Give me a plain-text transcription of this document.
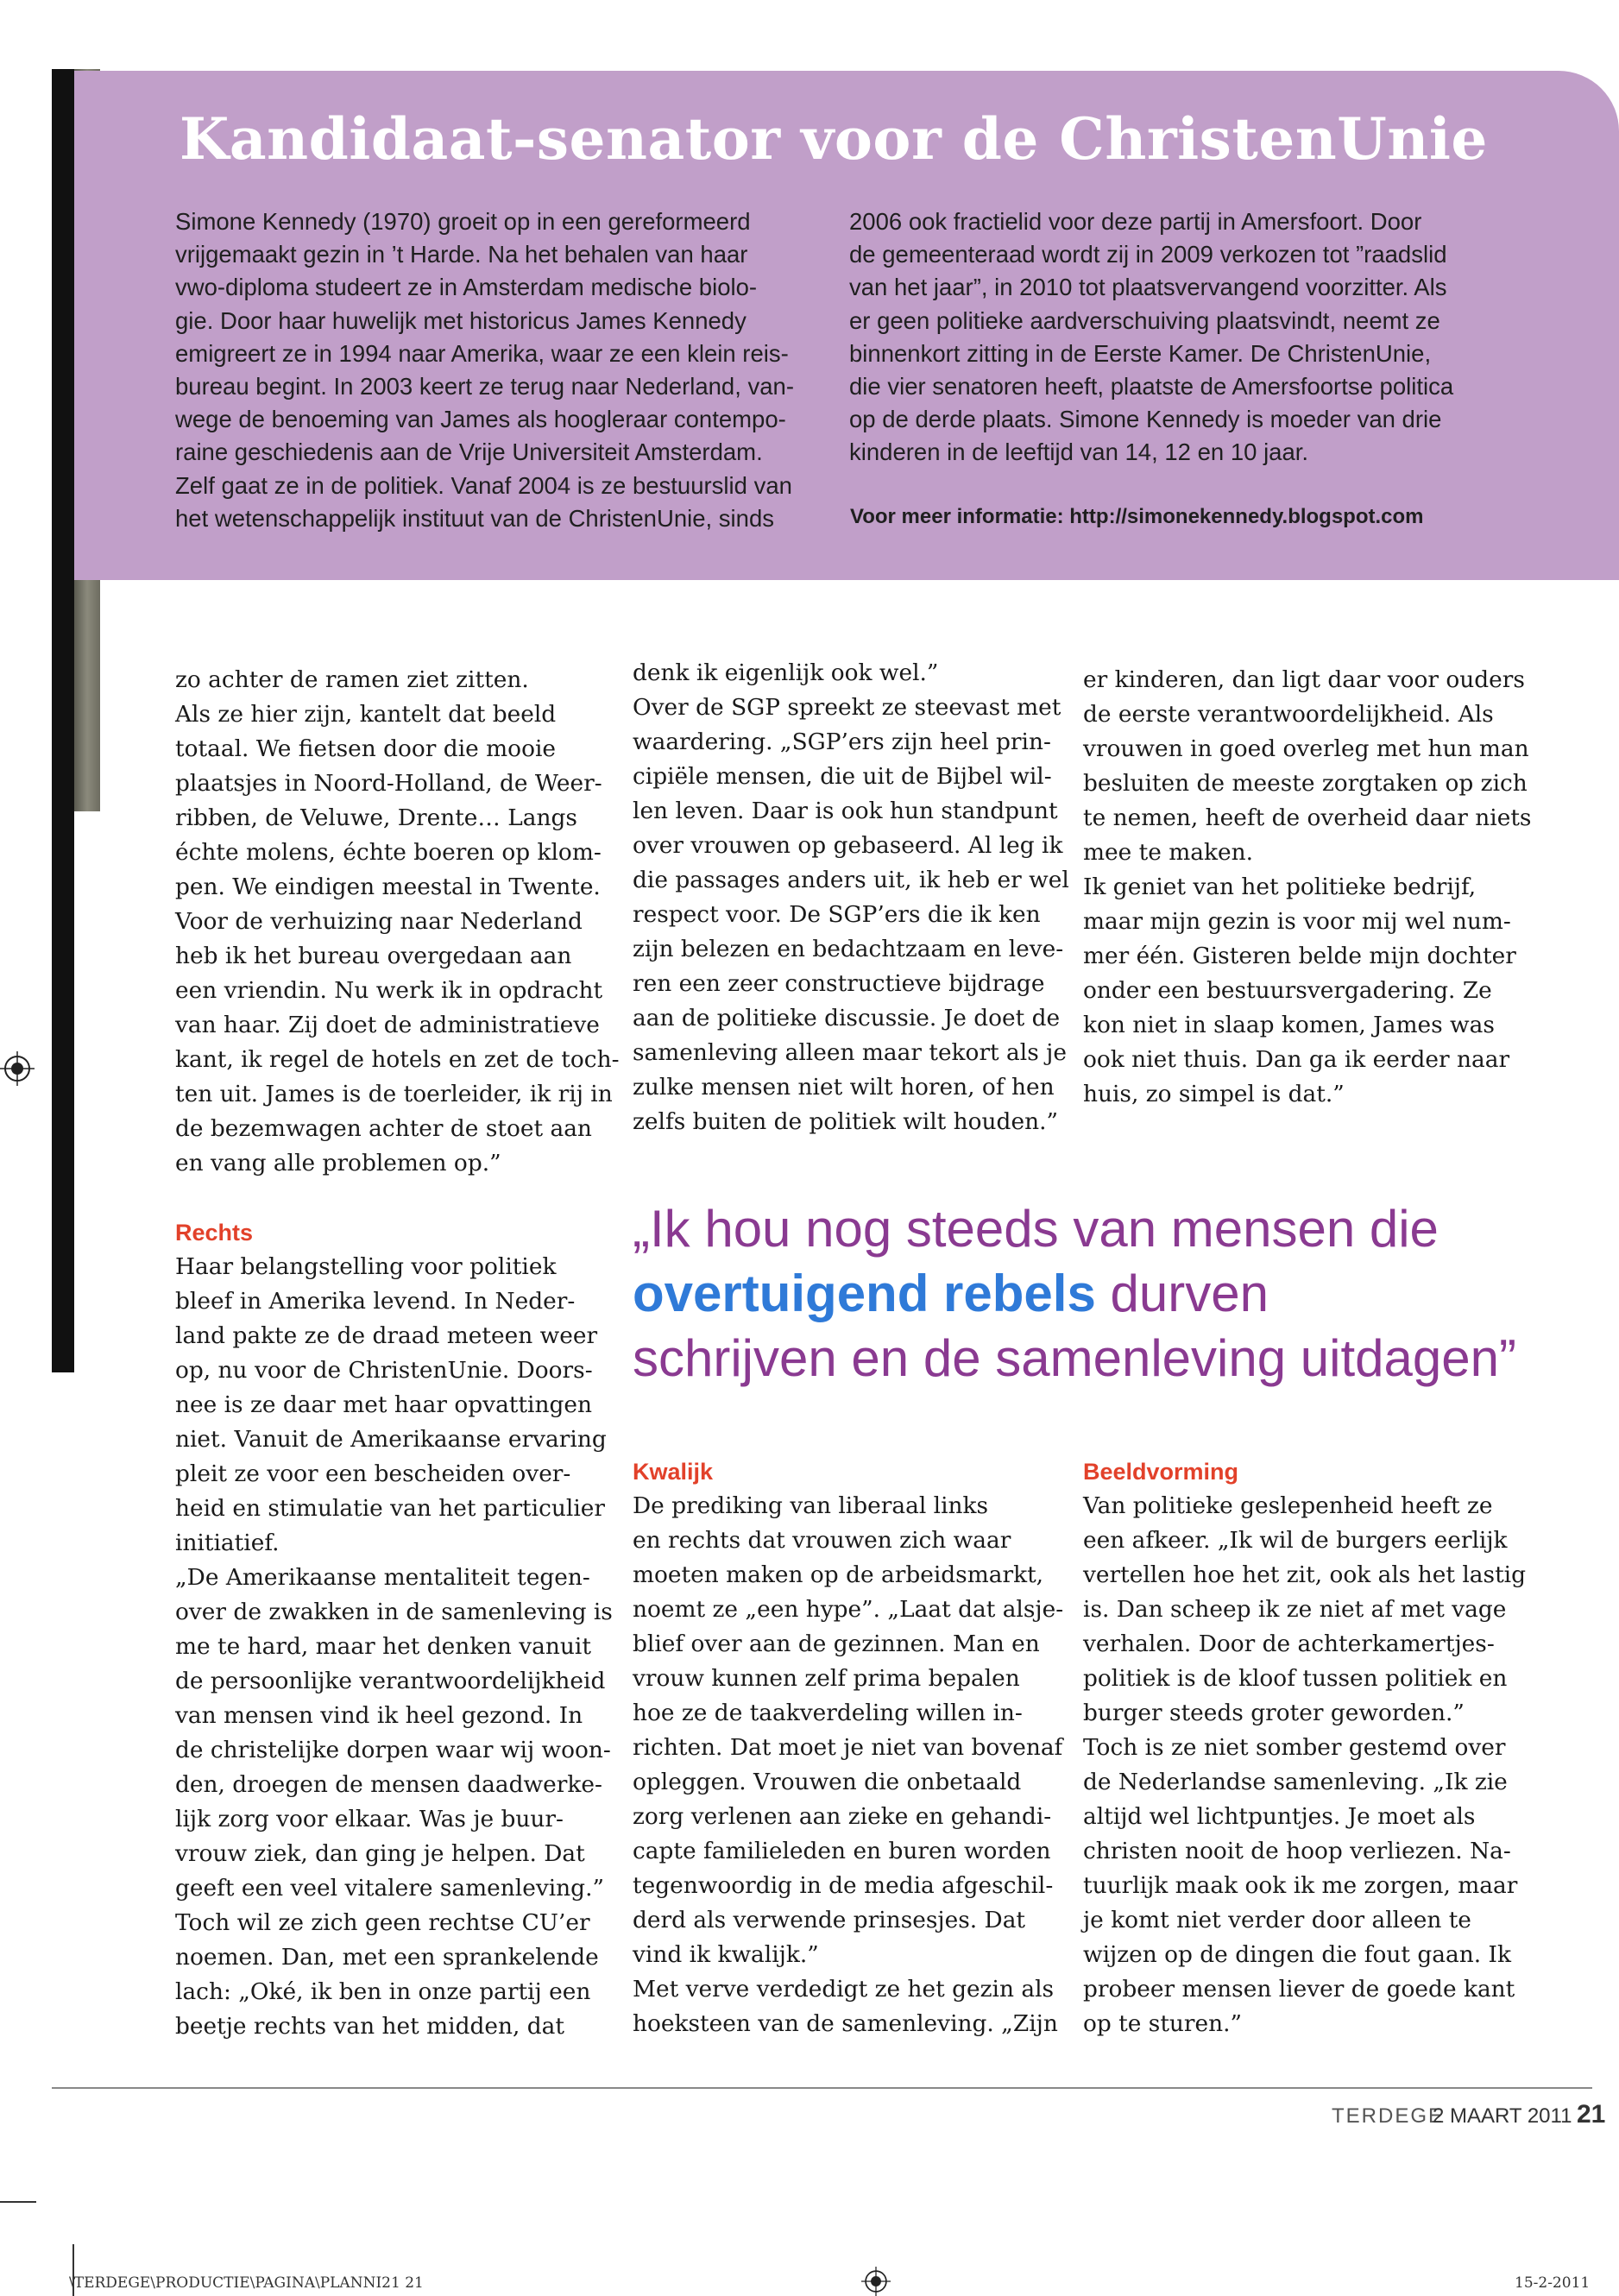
Kandidaat-senator voor de ChristenUnie

Simone Kennedy (1970) groeit op in een gereformeerd

vrijgemaakt gezin in ’t Harde. Na het behalen van haar

vwo-diploma studeert ze in Amsterdam medische biolo-

gie. Door haar huwelijk met historicus James Kennedy

emigreert ze in 1994 naar Amerika, waar ze een klein reis-

bureau begint. In 2003 keert ze terug naar Nederland, van-

wege de benoeming van James als hoogleraar contempo-

raine geschiedenis aan de Vrije Universiteit Amsterdam.

Zelf gaat ze in de politiek. Vanaf 2004 is ze bestuurslid van

het wetenschappelijk instituut van de ChristenUnie, sinds

2006 ook fractielid voor deze partij in Amersfoort. Door

de gemeenteraad wordt zij in 2009 verkozen tot ”raadslid

van het jaar”, in 2010 tot plaatsvervangend voorzitter. Als

er geen politieke aardverschuiving plaatsvindt, neemt ze

binnenkort zitting in de Eerste Kamer. De ChristenUnie,

die vier senatoren heeft, plaatste de Amersfoortse politica

op de derde plaats. Simone Kennedy is moeder van drie

kinderen in de leeftijd van 14, 12 en 10 jaar.

Voor meer informatie: http://simonekennedy.blogspot.com

zo achter de ramen ziet zitten.

Als ze hier zijn, kantelt dat beeld

totaal. We fietsen door die mooie

plaatsjes in Noord-Holland, de Weer-

ribben, de Veluwe, Drente… Langs

échte molens, échte boeren op klom-

pen. We eindigen meestal in Twente.

Voor de verhuizing naar Nederland

heb ik het bureau overgedaan aan

een vriendin. Nu werk ik in opdracht

van haar. Zij doet de administratieve

kant, ik regel de hotels en zet de toch-

ten uit. James is de toerleider, ik rij in

de bezemwagen achter de stoet aan

en vang alle problemen op.”

Rechts

Haar belangstelling voor politiek

bleef in Amerika levend. In Neder-

land pakte ze de draad meteen weer

op, nu voor de ChristenUnie. Doors-

nee is ze daar met haar opvattingen

niet. Vanuit de Amerikaanse ervaring

pleit ze voor een bescheiden over-

heid en stimulatie van het particulier

initiatief.

„De Amerikaanse mentaliteit tegen-

over de zwakken in de samenleving is

me te hard, maar het denken vanuit

de persoonlijke verantwoordelijkheid

van mensen vind ik heel gezond. In

de christelijke dorpen waar wij woon-

den, droegen de mensen daadwerke-

lijk zorg voor elkaar. Was je buur-

vrouw ziek, dan ging je helpen. Dat

geeft een veel vitalere samenleving.”

Toch wil ze zich geen rechtse CU’er

noemen. Dan, met een sprankelende

lach: „Oké, ik ben in onze partij een

beetje rechts van het midden, dat

denk ik eigenlijk ook wel.”

Over de SGP spreekt ze steevast met

waardering. „SGP’ers zijn heel prin-

cipiële mensen, die uit de Bijbel wil-

len leven. Daar is ook hun standpunt

over vrouwen op gebaseerd. Al leg ik

die passages anders uit, ik heb er wel

respect voor. De SGP’ers die ik ken

zijn belezen en bedachtzaam en leve-

ren een zeer constructieve bijdrage

aan de politieke discussie. Je doet de

samenleving alleen maar tekort als je

zulke mensen niet wilt horen, of hen

zelfs buiten de politiek wilt houden.”

er kinderen, dan ligt daar voor ouders

de eerste verantwoordelijkheid. Als

vrouwen in goed overleg met hun man

besluiten de meeste zorgtaken op zich

te nemen, heeft de overheid daar niets

mee te maken.

Ik geniet van het politieke bedrijf,

maar mijn gezin is voor mij wel num-

mer één. Gisteren belde mijn dochter

onder een bestuursvergadering. Ze

kon niet in slaap komen, James was

ook niet thuis. Dan ga ik eerder naar

huis, zo simpel is dat.”

„Ik hou nog steeds van mensen die
overtuigend rebels durven
schrijven en de samenleving uitdagen”

Kwalijk

De prediking van liberaal links

en rechts dat vrouwen zich waar

moeten maken op de arbeidsmarkt,

noemt ze „een hype”. „Laat dat alsje-

blief over aan de gezinnen. Man en

vrouw kunnen zelf prima bepalen

hoe ze de taakverdeling willen in-

richten. Dat moet je niet van bovenaf

opleggen. Vrouwen die onbetaald

zorg verlenen aan zieke en gehandi-

capte familieleden en buren worden

tegenwoordig in de media afgeschil-

derd als verwende prinsesjes. Dat

vind ik kwalijk.”

Met verve verdedigt ze het gezin als

hoeksteen van de samenleving. „Zijn

Beeldvorming

Van politieke geslepenheid heeft ze

een afkeer. „Ik wil de burgers eerlijk

vertellen hoe het zit, ook als het lastig

is. Dan scheep ik ze niet af met vage

verhalen. Door de achterkamertjes-

politiek is de kloof tussen politiek en

burger steeds groter geworden.”

Toch is ze niet somber gestemd over

de Nederlandse samenleving. „Ik zie

altijd wel lichtpuntjes. Je moet als

christen nooit de hoop verliezen. Na-

tuurlijk maak ook ik me zorgen, maar

je komt niet verder door alleen te

wijzen op de dingen die fout gaan. Ik

probeer mensen liever de goede kant

op te sturen.”

TERDEGE
2 MAART 2011 21
\TERDEGE\PRODUCTIE\PAGINA\PLANNI21 21	15-2-2011
